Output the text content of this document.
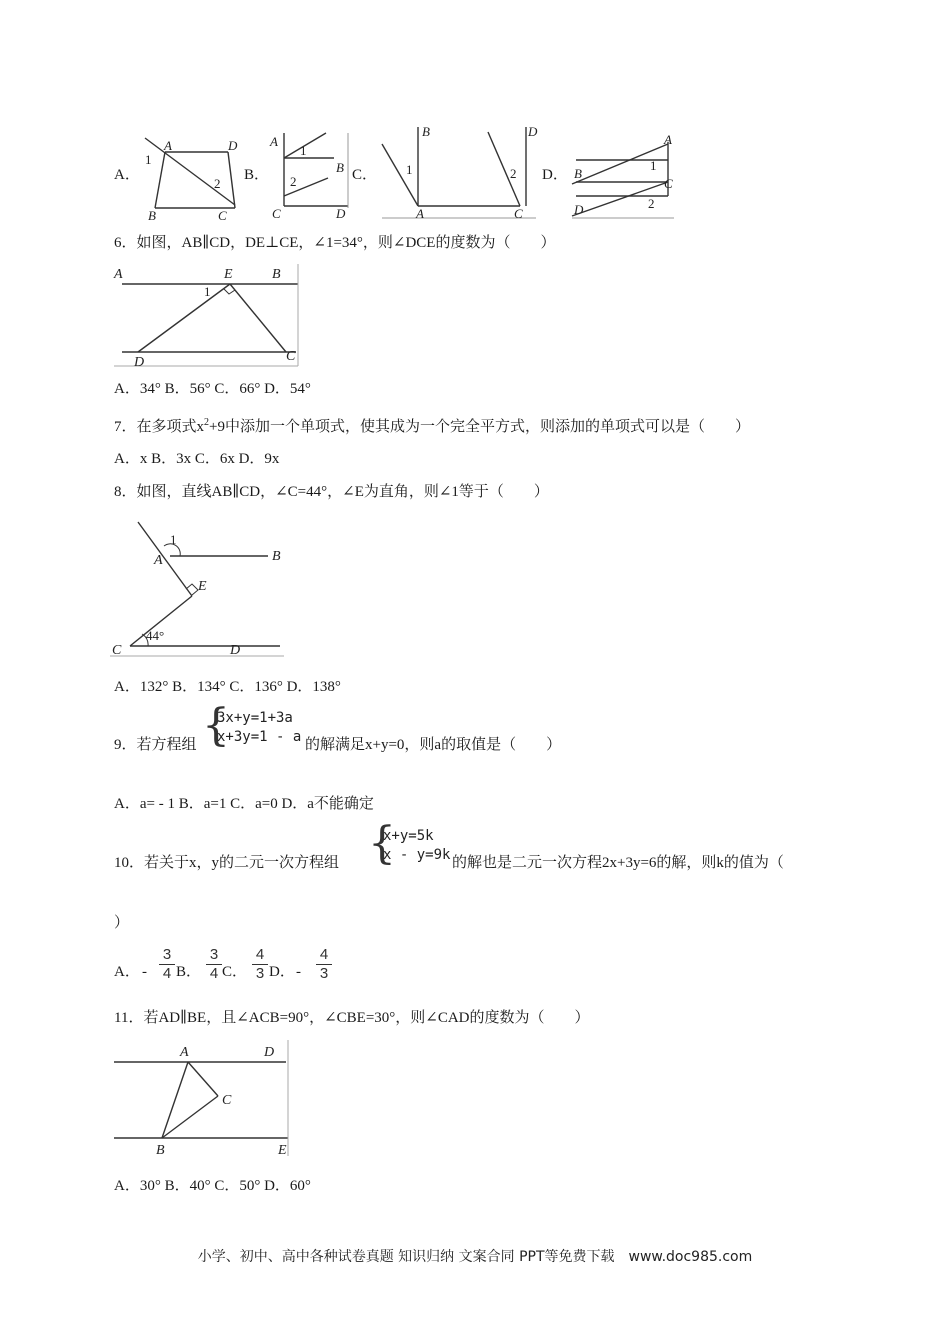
A．
A	D
1
2
B	C
B．
A
1
B
2
C	D
C．
B	D
1	2
A	C
D．
A
B
1
C
2
D
6．如图，AB∥CD，DE⊥CE，∠1=34°，则∠DCE的度数为（　　）
A	E	B
1
D	C
A．34° B．56° C．66° D．54°
7．在多项式$x^2+9$中添加一个单项式，使其成为一个完全平方式，则添加的单项式可以是（　　）
A．x B．3x C．6x D．9x
8．如图，直线AB∥CD，∠C=44°，∠E为直角，则∠1等于（　　）
1
A	B
E
C
44°
D
A．132° B．134° C．136° D．138°
9．若方程组 {
3x+y=1+3a
x+3y=1 - a 的解满足x+y=0，则a的取值是（　　）
A．a= - 1 B．a=1 C．a=0 D．a不能确定
10．若关于x，y的二元一次方程组 {
x+y=5k
x - y=9k 的解也是二元一次方程2x+3y=6的解，则k的值为（
）
A． -
3
4 B．
3
4 C．
4
3 D． -
4
3
11．若AD∥BE，且∠ACB=90°，∠CBE=30°，则∠CAD的度数为（　　）
A	D
C
B	E
A．30° B．40° C．50° D．60°
小学、初中、高中各种试卷真题 知识归纳 文案合同 PPT等免费下载　www.doc985.com
